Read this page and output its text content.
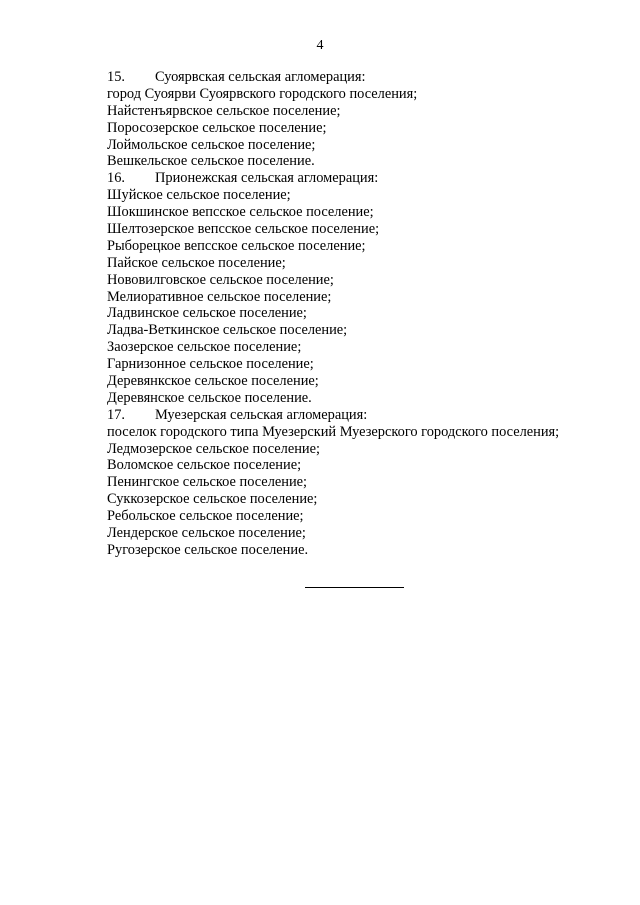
4
15. Суоярвская сельская агломерация:
город Суоярви Суоярвского городского поселения;
Найстенъярвское сельское поселение;
Поросозерское сельское поселение;
Лоймольское сельское поселение;
Вешкельское сельское поселение.
16. Прионежская сельская агломерация:
Шуйское сельское поселение;
Шокшинское вепсское сельское поселение;
Шелтозерское вепсское сельское поселение;
Рыборецкое вепсское сельское поселение;
Пайское сельское поселение;
Нововилговское сельское поселение;
Мелиоративное сельское поселение;
Ладвинское сельское поселение;
Ладва-Веткинское сельское поселение;
Заозерское сельское поселение;
Гарнизонное сельское поселение;
Деревянкское сельское поселение;
Деревянское сельское поселение.
17. Муезерская сельская агломерация:
поселок городского типа Муезерский Муезерского городского поселения;
Ледмозерское сельское поселение;
Воломское сельское поселение;
Пенингское сельское поселение;
Суккозерское сельское поселение;
Ребольское сельское поселение;
Лендерское сельское поселение;
Ругозерское сельское поселение.
